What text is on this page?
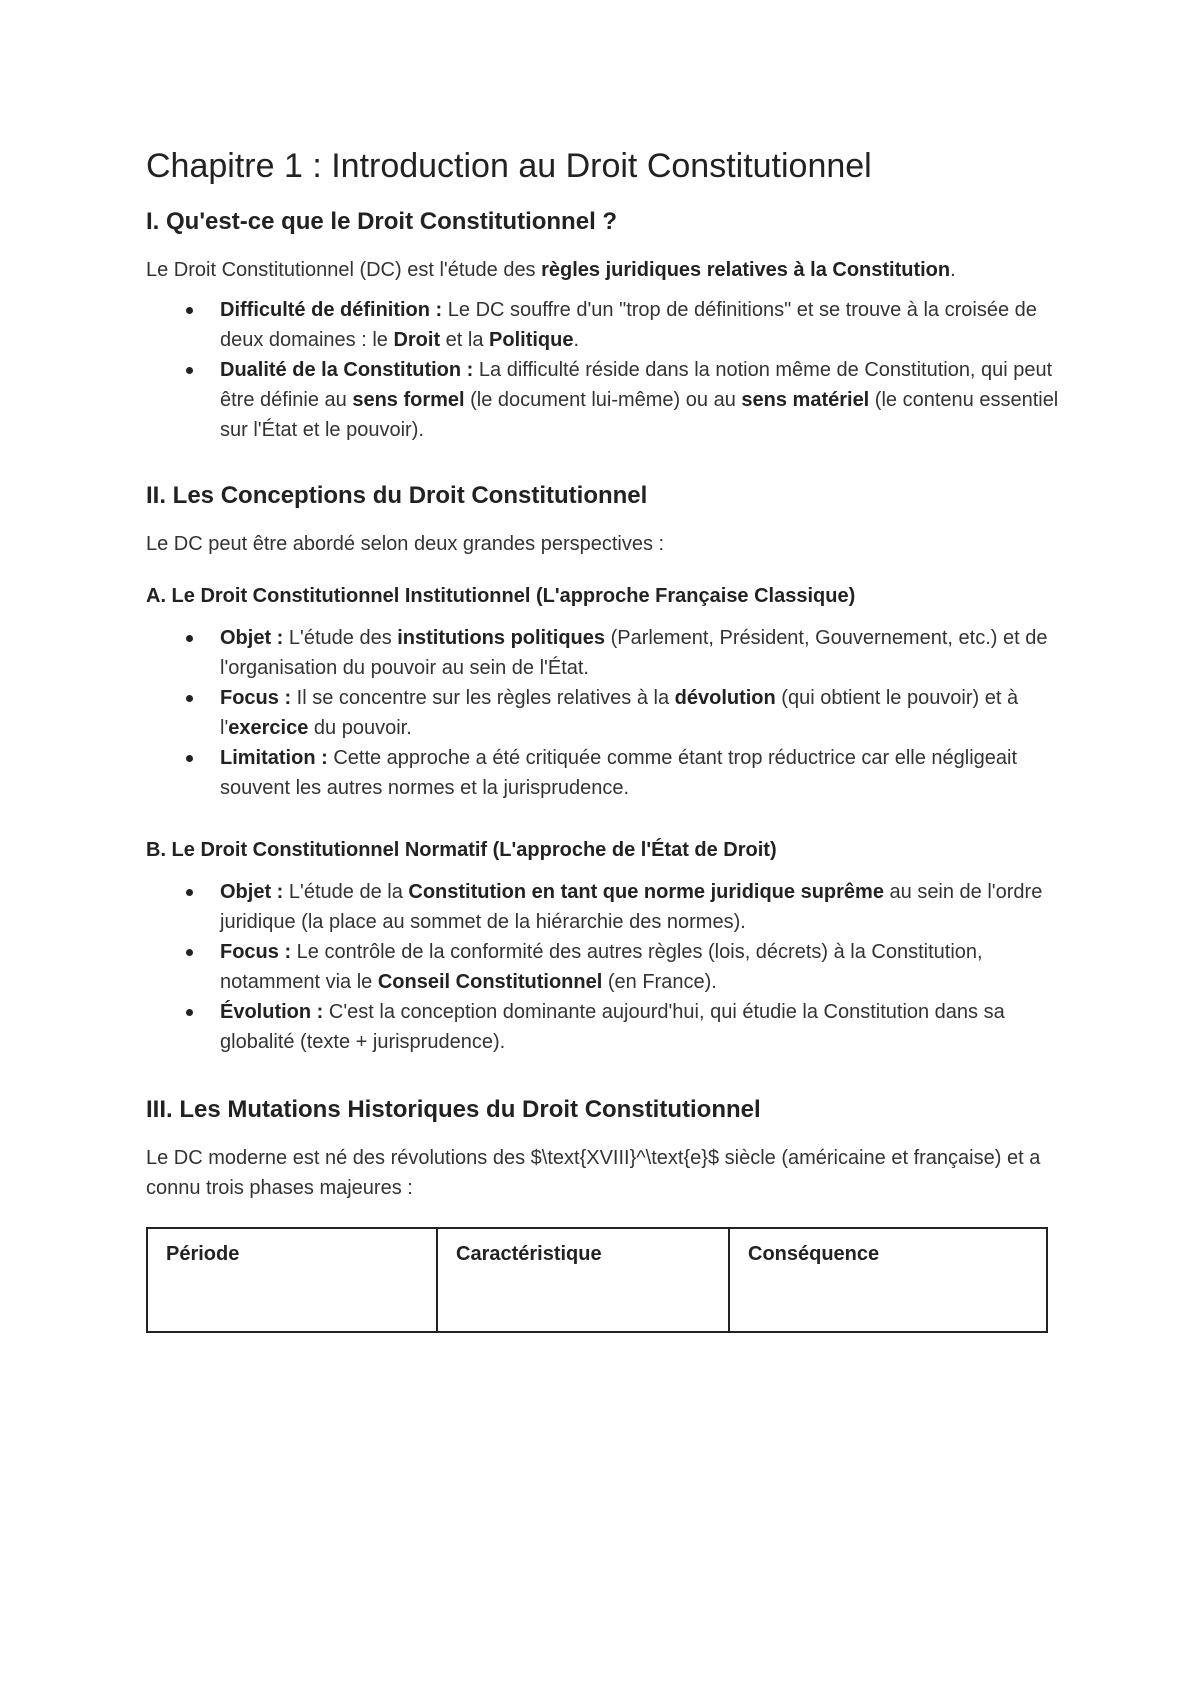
Chapitre 1 : Introduction au Droit Constitutionnel
I. Qu'est-ce que le Droit Constitutionnel ?

Le Droit Constitutionnel (DC) est l'étude des règles juridiques relatives à la Constitution.

Difficulté de définition : Le DC souffre d'un "trop de définitions" et se trouve à la croisée de deux domaines : le Droit et la Politique.
Dualité de la Constitution : La difficulté réside dans la notion même de Constitution, qui peut être définie au sens formel (le document lui-même) ou au sens matériel (le contenu essentiel sur l'État et le pouvoir).
II. Les Conceptions du Droit Constitutionnel

Le DC peut être abordé selon deux grandes perspectives :

A. Le Droit Constitutionnel Institutionnel (L'approche Française Classique)
Objet : L'étude des institutions politiques (Parlement, Président, Gouvernement, etc.) et de l'organisation du pouvoir au sein de l'État.
Focus : Il se concentre sur les règles relatives à la dévolution (qui obtient le pouvoir) et à l'exercice du pouvoir.
Limitation : Cette approche a été critiquée comme étant trop réductrice car elle négligeait souvent les autres normes et la jurisprudence.
B. Le Droit Constitutionnel Normatif (L'approche de l'État de Droit)
Objet : L'étude de la Constitution en tant que norme juridique suprême au sein de l'ordre juridique (la place au sommet de la hiérarchie des normes).
Focus : Le contrôle de la conformité des autres règles (lois, décrets) à la Constitution, notamment via le Conseil Constitutionnel (en France).
Évolution : C'est la conception dominante aujourd'hui, qui étudie la Constitution dans sa globalité (texte + jurisprudence).
III. Les Mutations Historiques du Droit Constitutionnel

Le DC moderne est né des révolutions des $\text{XVIII}^\text{e}$ siècle (américaine et française) et a connu trois phases majeures :

Période	Caractéristique	Conséquence
